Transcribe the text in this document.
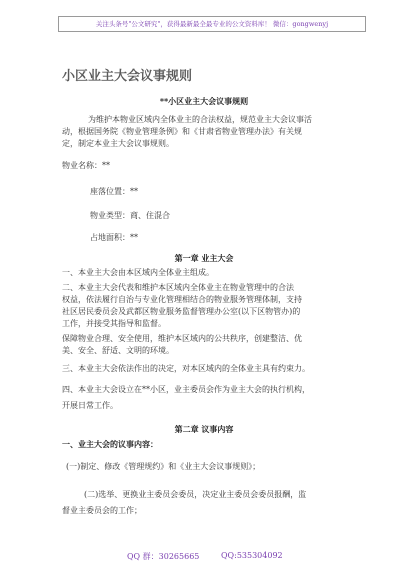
关注头条号"公文研究"，获得最新最全最专业的公文资料库！ 微信：gongwenyj
小区业主大会议事规则
**小区业主大会议事规则
为维护本物业区域内全体业主的合法权益，规范业主大会议事活
动，根据国务院《物业管理条例》和《甘肃省物业管理办法》有关规
定，制定本业主大会议事规则。
物业名称：**
座落位置：**
物业类型：商、住混合
占地面积：**
第一章 业主大会
一、本业主大会由本区域内全体业主组成。
二、本业主大会代表和维护本区域内全体业主在物业管理中的合法
权益，依法履行自治与专业化管理相结合的物业服务管理体制，支持
社区居民委员会及武都区物业服务监督管理办公室(以下区物管办)的
工作，并接受其指导和监督。
保障物业合理、安全使用，维护本区域内的公共秩序，创建整洁、优
美、安全、舒适、文明的环境。
三、本业主大会依法作出的决定，对本区域内的全体业主具有约束力。
四、本业主大会设立在**小区，业主委员会作为业主大会的执行机构，
开展日常工作。
第二章 议事内容
一、业主大会的议事内容：
(一)制定、修改《管理规约》和《业主大会议事规则》；
(二)选举、更换业主委员会委员，决定业主委员会委员报酬，监
督业主委员会的工作；
QQ 群：30265665	QQ:535304092
